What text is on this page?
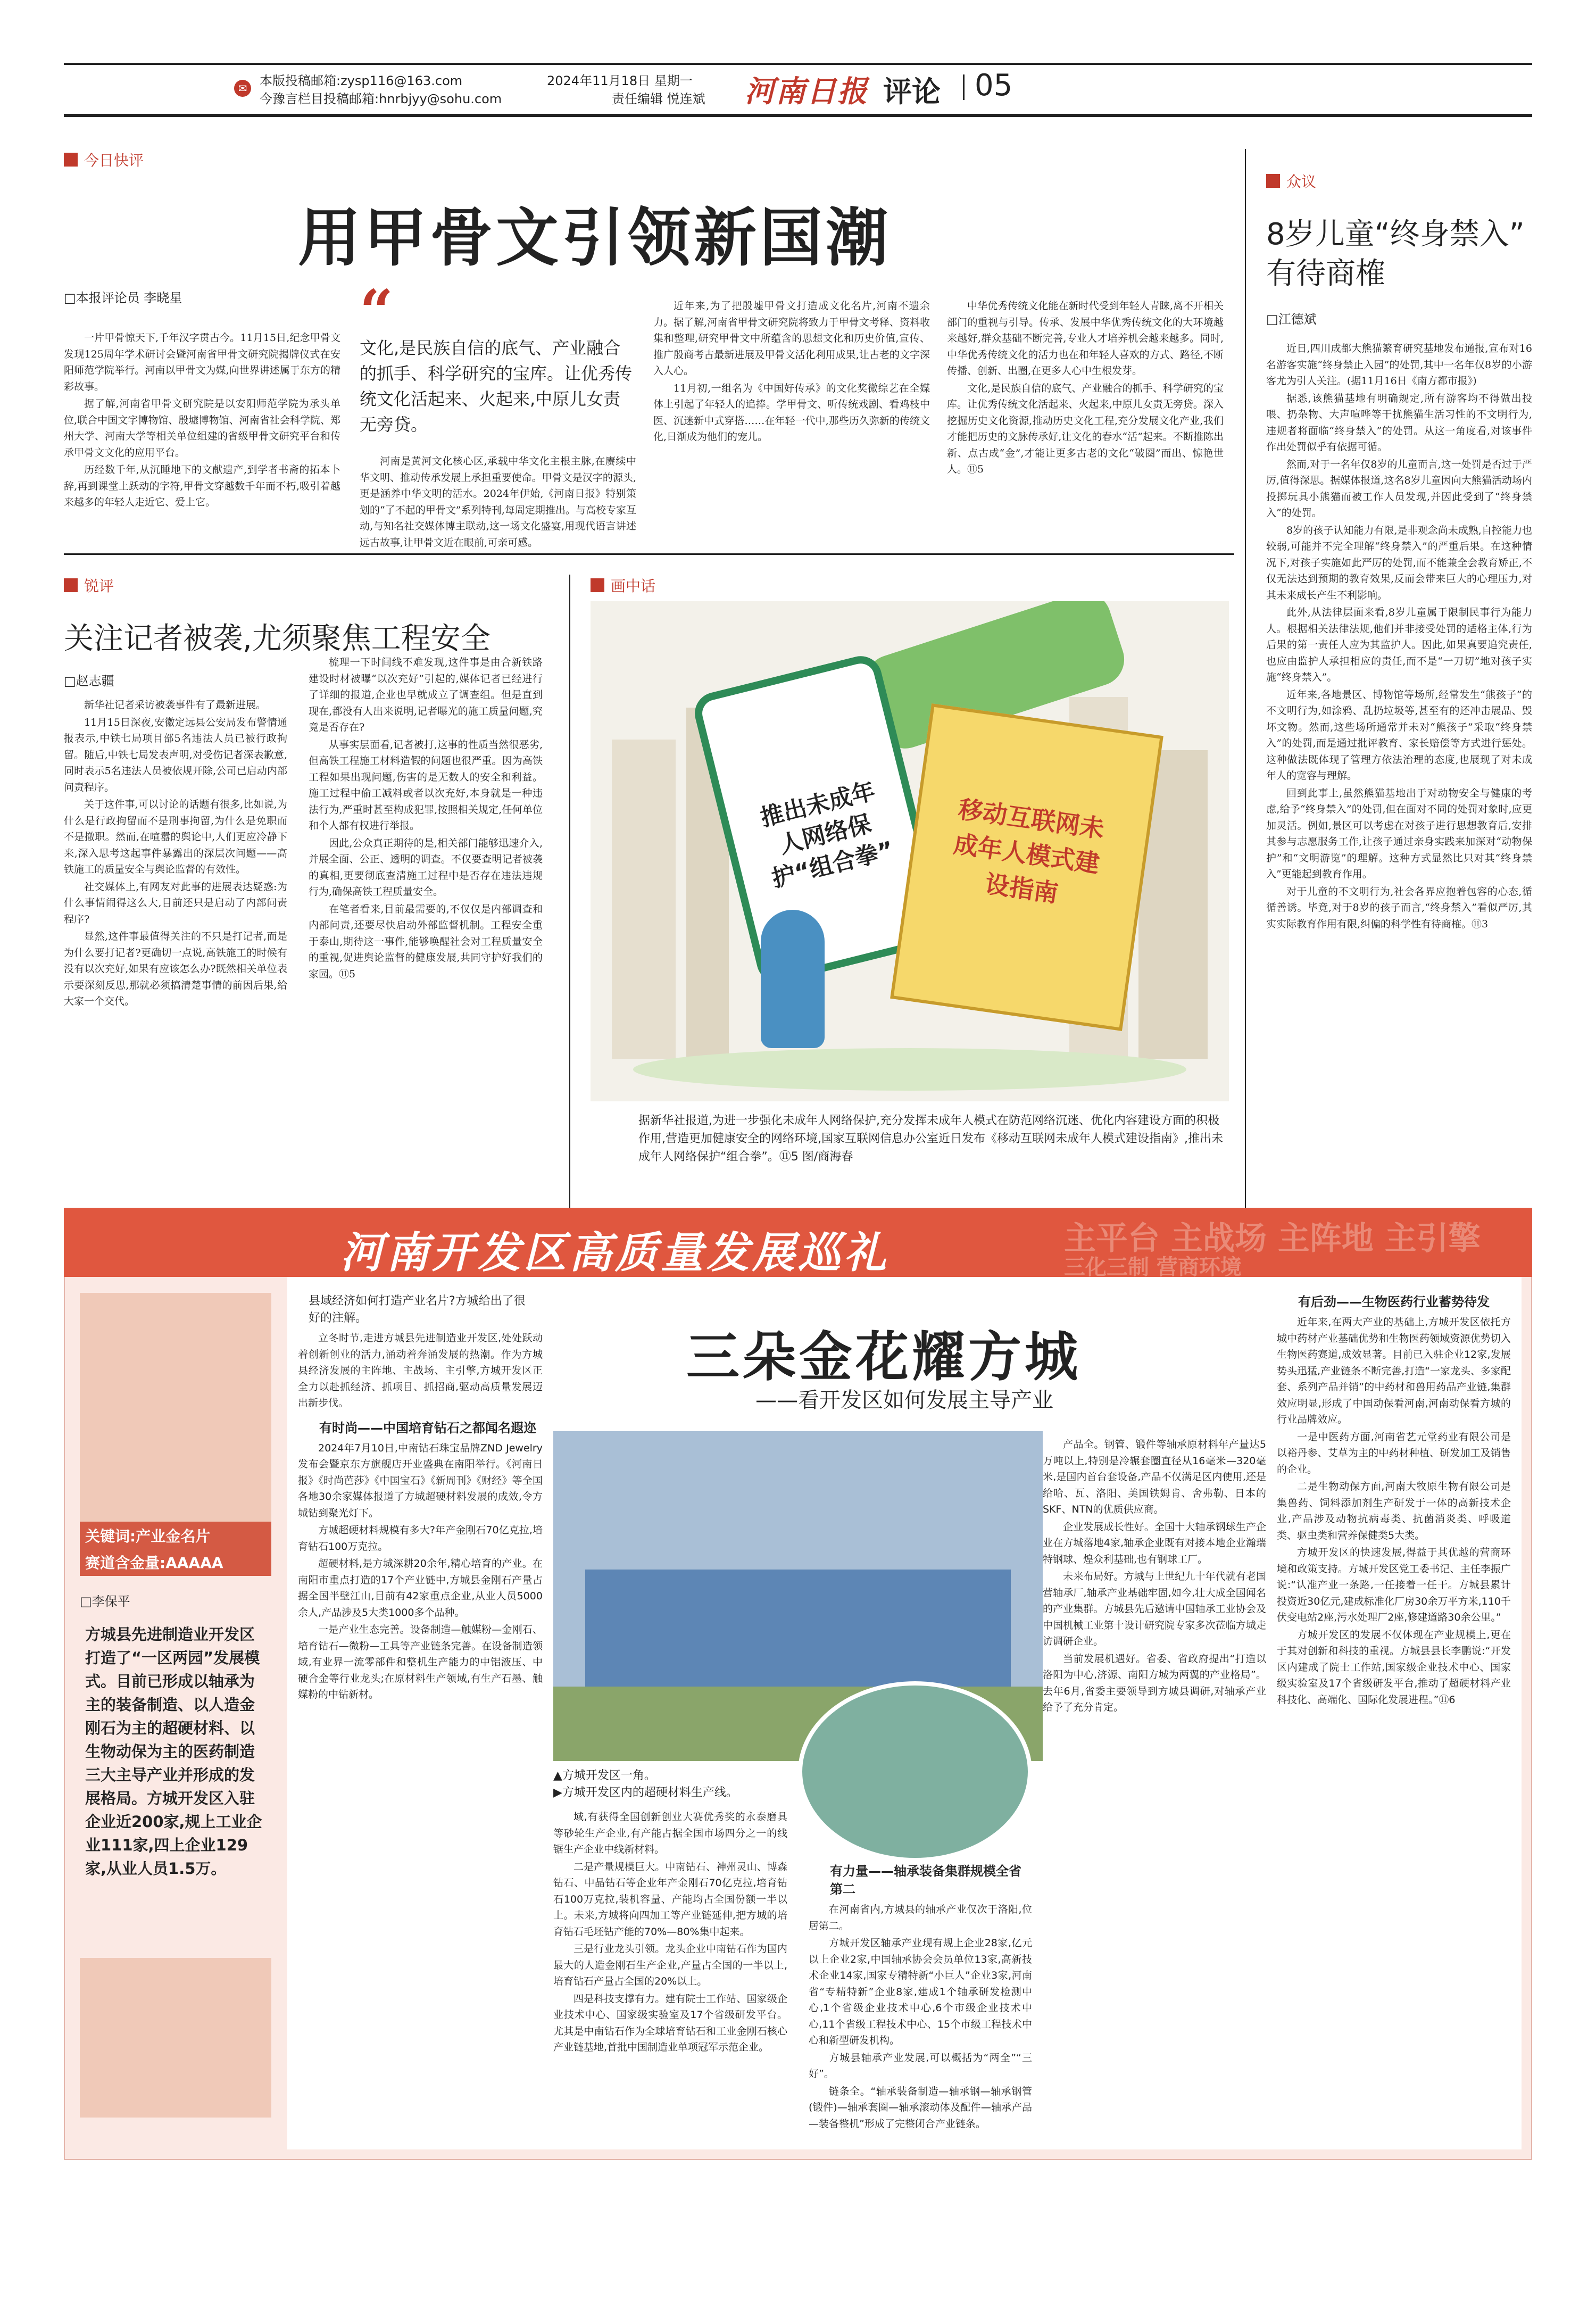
✉ 本版投稿邮箱:zysp116@163.com
今豫言栏目投稿邮箱:hnrbjyy@sohu.com
2024年11月18日 星期一
责任编辑 悦连斌 河南日报 评论 05
今日快评
用甲骨文引领新国潮
□本报评论员 李晓星

一片甲骨惊天下,千年汉字贯古今。11月15日,纪念甲骨文发现125周年学术研讨会暨河南省甲骨文研究院揭牌仪式在安阳师范学院举行。河南以甲骨文为媒,向世界讲述属于东方的精彩故事。

据了解,河南省甲骨文研究院是以安阳师范学院为承头单位,联合中国文字博物馆、殷墟博物馆、河南省社会科学院、郑州大学、河南大学等相关单位组建的省级甲骨文研究平台和传承甲骨文文化的应用平台。

历经数千年,从沉睡地下的文献遗产,到学者书斋的拓本卜辞,再到课堂上跃动的字符,甲骨文穿越数千年而不朽,吸引着越来越多的年轻人走近它、爱上它。

“
文化,是民族自信的底气、产业融合的抓手、科学研究的宝库。让优秀传统文化活起来、火起来,中原儿女责无旁贷。

河南是黄河文化核心区,承载中华文化主根主脉,在赓续中华文明、推动传承发展上承担重要使命。甲骨文是汉字的源头,更是涵养中华文明的活水。2024年伊始,《河南日报》特别策划的“了不起的甲骨文”系列特刊,每周定期推出。与高校专家互动,与知名社交媒体博主联动,这一场文化盛宴,用现代语言讲述远古故事,让甲骨文近在眼前,可亲可感。

近年来,为了把殷墟甲骨文打造成文化名片,河南不遗余力。据了解,河南省甲骨文研究院将致力于甲骨文考释、资料收集和整理,研究甲骨文中所蕴含的思想文化和历史价值,宣传、推广殷商考古最新进展及甲骨文活化利用成果,让古老的文字深入人心。

11月初,一组名为《中国好传承》的文化奖微综艺在全媒体上引起了年轻人的追捧。学甲骨文、听传统戏剧、看鸡枝中医、沉迷新中式穿搭……在年轻一代中,那些历久弥新的传统文化,日渐成为他们的宠儿。

中华优秀传统文化能在新时代受到年轻人青睐,离不开相关部门的重视与引导。传承、发展中华优秀传统文化的大环境越来越好,群众基础不断完善,专业人才培养机会越来越多。同时,中华优秀传统文化的活力也在和年轻人喜欢的方式、路径,不断传播、创新、出圈,在更多人心中生根发芽。

文化,是民族自信的底气、产业融合的抓手、科学研究的宝库。让优秀传统文化活起来、火起来,中原儿女责无旁贷。深入挖掘历史文化资源,推动历史文化工程,充分发展文化产业,我们才能把历史的文脉传承好,让文化的春水“活”起来。不断推陈出新、点古成“金”,才能让更多古老的文化“破圈”而出、惊艳世人。⑪5

众议
8岁儿童“终身禁入”
有待商榷
□江德斌

近日,四川成都大熊猫繁育研究基地发布通报,宣布对16名游客实施“终身禁止入园”的处罚,其中一名年仅8岁的小游客尤为引人关注。(据11月16日《南方都市报》)

据悉,该熊猫基地有明确规定,所有游客均不得做出投喂、扔杂物、大声喧哗等干扰熊猫生活习性的不文明行为,违规者将面临“终身禁入”的处罚。从这一角度看,对该事件作出处罚似乎有依据可循。

然而,对于一名年仅8岁的儿童而言,这一处罚是否过于严厉,值得深思。据媒体报道,这名8岁儿童因向大熊猫活动场内投掷玩具小熊猫而被工作人员发现,并因此受到了“终身禁入”的处罚。

8岁的孩子认知能力有限,是非观念尚未成熟,自控能力也较弱,可能并不完全理解“终身禁入”的严重后果。在这种情况下,对孩子实施如此严厉的处罚,而不能兼全会教育矫正,不仅无法达到预期的教育效果,反而会带来巨大的心理压力,对其未来成长产生不利影响。

此外,从法律层面来看,8岁儿童属于限制民事行为能力人。根据相关法律法规,他们并非接受处罚的适格主体,行为后果的第一责任人应为其监护人。因此,如果真要追究责任,也应由监护人承担相应的责任,而不是“一刀切”地对孩子实施“终身禁入”。

近年来,各地景区、博物馆等场所,经常发生“熊孩子”的不文明行为,如涂鸦、乱扔垃圾等,甚至有的还冲击展品、毁坏文物。然而,这些场所通常并未对“熊孩子”采取“终身禁入”的处罚,而是通过批评教育、家长赔偿等方式进行惩处。这种做法既体现了管理方依法治理的态度,也展现了对未成年人的宽容与理解。

回到此事上,虽然熊猫基地出于对动物安全与健康的考虑,给予“终身禁入”的处罚,但在面对不同的处罚对象时,应更加灵活。例如,景区可以考虑在对孩子进行思想教育后,安排其参与志愿服务工作,让孩子通过亲身实践来加深对“动物保护”和“文明游览”的理解。这种方式显然比只对其“终身禁入”更能起到教育作用。

对于儿童的不文明行为,社会各界应抱着包容的心态,循循善诱。毕竟,对于8岁的孩子而言,“终身禁入”看似严厉,其实实际教育作用有限,纠偏的科学性有待商榷。⑪3

锐评
关注记者被袭,尤须聚焦工程安全
□赵志疆

新华社记者采访被袭事件有了最新进展。

11月15日深夜,安徽定远县公安局发布警情通报表示,中铁七局项目部5名违法人员已被行政拘留。随后,中铁七局发表声明,对受伤记者深表歉意,同时表示5名违法人员被依规开除,公司已启动内部问责程序。

关于这件事,可以讨论的话题有很多,比如说,为什么是行政拘留而不是刑事拘留,为什么是免职而不是撤职。然而,在喧嚣的舆论中,人们更应冷静下来,深入思考这起事件暴露出的深层次问题——高铁施工的质量安全与舆论监督的有效性。

社交媒体上,有网友对此事的进展表达疑惑:为什么事情闹得这么大,目前还只是启动了内部问责程序?

显然,这件事最值得关注的不只是打记者,而是为什么要打记者?更确切一点说,高铁施工的时候有没有以次充好,如果有应该怎么办?既然相关单位表示要深刻反思,那就必须搞清楚事情的前因后果,给大家一个交代。

梳理一下时间线不难发现,这件事是由合新铁路建设时材被曝“以次充好”引起的,媒体记者已经进行了详细的报道,企业也早就成立了调查组。但是直到现在,都没有人出来说明,记者曝光的施工质量问题,究竟是否存在?

从事实层面看,记者被打,这事的性质当然很恶劣,但高铁工程施工材料造假的问题也很严重。因为高铁工程如果出现问题,伤害的是无数人的安全和利益。施工过程中偷工减料或者以次充好,本身就是一种违法行为,严重时甚至构成犯罪,按照相关规定,任何单位和个人都有权进行举报。

因此,公众真正期待的是,相关部门能够迅速介入,并展全面、公正、透明的调查。不仅要查明记者被袭的真相,更要彻底查清施工过程中是否存在违法违规行为,确保高铁工程质量安全。

在笔者看来,目前最需要的,不仅仅是内部调查和内部问责,还要尽快启动外部监督机制。工程安全重于泰山,期待这一事件,能够唤醒社会对工程质量安全的重视,促进舆论监督的健康发展,共同守护好我们的家园。⑪5

画中话
推出未成年人网络保护“组合拳”
移动互联网未成年人模式建设指南
据新华社报道,为进一步强化未成年人网络保护,充分发挥未成年人模式在防范网络沉迷、优化内容建设方面的积极作用,营造更加健康安全的网络环境,国家互联网信息办公室近日发布《移动互联网未成年人模式建设指南》,推出未成年人网络保护“组合拳”。⑪5 图/商海春
主平台 主战场 主阵地 主引擎
三化三制 营商环境
河南开发区高质量发展巡礼
关键词:产业金名片
赛道含金量:AAAAA
□李保平
方城县先进制造业开发区打造了“一区两园”发展模式。目前已形成以轴承为主的装备制造、以人造金刚石为主的超硬材料、以生物动保为主的医药制造三大主导产业并形成的发展格局。方城开发区入驻企业近200家,规上工业企业111家,四上企业129家,从业人员1.5万。
县域经济如何打造产业名片?方城给出了很好的注解。
三朵金花耀方城
——看开发区如何发展主导产业

立冬时节,走进方城县先进制造业开发区,处处跃动着创新创业的活力,涌动着奔涌发展的热潮。作为方城县经济发展的主阵地、主战场、主引擎,方城开发区正全力以赴抓经济、抓项目、抓招商,驱动高质量发展迈出新步伐。

有时尚——中国培育钻石之都闻名遐迩

2024年7月10日,中南钻石珠宝品牌ZND Jewelry发布会暨京东方旗舰店开业盛典在南阳举行。《河南日报》《时尚芭莎》《中国宝石》《新周刊》《财经》等全国各地30余家媒体报道了方城超硬材料发展的成效,令方城钻到聚光灯下。

方城超硬材料规模有多大?年产金刚石70亿克拉,培育钻石100万克拉。

超硬材料,是方城深耕20余年,精心培育的产业。在南阳市重点打造的17个产业链中,方城县金刚石产量占据全国半壁江山,目前有42家重点企业,从业人员5000余人,产品涉及5大类1000多个品种。

一是产业生态完善。设备制造—触媒粉—金刚石、培育钻石—微粉—工具等产业链条完善。在设备制造领域,有业界一流零部件和整机生产能力的中铝液压、中硬合金等行业龙头;在原材料生产领域,有生产石墨、触媒粉的中钻新材。

▲方城开发区一角。
▶方城开发区内的超硬材料生产线。

域,有获得全国创新创业大赛优秀奖的永泰磨具等砂轮生产企业,有产能占据全国市场四分之一的线锯生产企业中线新材料。

二是产量规模巨大。中南钻石、神州灵山、博森钻石、中晶钻石等企业年产金刚石70亿克拉,培育钻石100万克拉,装机容量、产能均占全国份额一半以上。未来,方城将向四加工等产业链延伸,把方城的培育钻石毛坯钻产能的70%—80%集中起来。

三是行业龙头引领。龙头企业中南钻石作为国内最大的人造金刚石生产企业,产量占全国的一半以上,培育钻石产量占全国的20%以上。

四是科技支撑有力。建有院士工作站、国家级企业技术中心、国家级实验室及17个省级研发平台。尤其是中南钻石作为全球培育钻石和工业金刚石核心产业链基地,首批中国制造业单项冠军示范企业。

有力量——轴承装备集群规模全省第二

在河南省内,方城县的轴承产业仅次于洛阳,位居第二。

方城开发区轴承产业现有规上企业28家,亿元以上企业2家,中国轴承协会会员单位13家,高新技术企业14家,国家专精特新“小巨人”企业3家,河南省“专精特新”企业8家,建成1个轴承研发检测中心,1个省级企业技术中心,6个市级企业技术中心,11个省级工程技术中心、15个市级工程技术中心和新型研发机构。

方城县轴承产业发展,可以概括为“两全”“三好”。

链条全。“轴承装备制造—轴承钢—轴承钢管(锻件)—轴承套圈—轴承滚动体及配件—轴承产品—装备整机”形成了完整闭合产业链条。

产品全。钢管、锻件等轴承原材料年产量达5万吨以上,特别是冷辗套圈直径从16毫米—320毫米,是国内首台套设备,产品不仅满足区内使用,还是给哈、瓦、洛阳、美国铁姆肯、舍弗勒、日本的SKF、NTN的优质供应商。

企业发展成长性好。全国十大轴承钢球生产企业在方城落地4家,轴承企业既有对接本地企业瀚瑞特钢球、煌众利基础,也有钢球工厂。

未来布局好。方城与上世纪九十年代就有老国营轴承厂,轴承产业基础牢固,如今,壮大成全国闻名的产业集群。方城县先后邀请中国轴承工业协会及中国机械工业第十设计研究院专家多次莅临方城走访调研企业。

当前发展机遇好。省委、省政府提出“打造以洛阳为中心,济源、南阳方城为两翼的产业格局”。去年6月,省委主要领导到方城县调研,对轴承产业给予了充分肯定。

有后劲——生物医药行业蓄势待发

近年来,在两大产业的基础上,方城开发区依托方城中药材产业基础优势和生物医药领域资源优势切入生物医药赛道,成效显著。目前已入驻企业12家,发展势头迅猛,产业链条不断完善,打造“一家龙头、多家配套、系列产品并销”的中药材和兽用药品产业链,集群效应明显,形成了中国动保看河南,河南动保看方城的行业品牌效应。

一是中医药方面,河南省艺元堂药业有限公司是以裕丹参、艾草为主的中药材种植、研发加工及销售的企业。

二是生物动保方面,河南大牧原生物有限公司是集兽药、饲料添加剂生产研发于一体的高新技术企业,产品涉及动物抗病毒类、抗菌消炎类、呼吸道类、驱虫类和营养保健类5大类。

方城开发区的快速发展,得益于其优越的营商环境和政策支持。方城开发区党工委书记、主任李振广说:“认准产业一条路,一任接着一任干。方城县累计投资近30亿元,建成标准化厂房30余万平方米,110千伏变电站2座,污水处理厂2座,修建道路30余公里。”

方城开发区的发展不仅体现在产业规模上,更在于其对创新和科技的重视。方城县县长李鹏说:“开发区内建成了院士工作站,国家级企业技术中心、国家级实验室及17个省级研发平台,推动了超硬材料产业科技化、高端化、国际化发展进程。”⑪6
